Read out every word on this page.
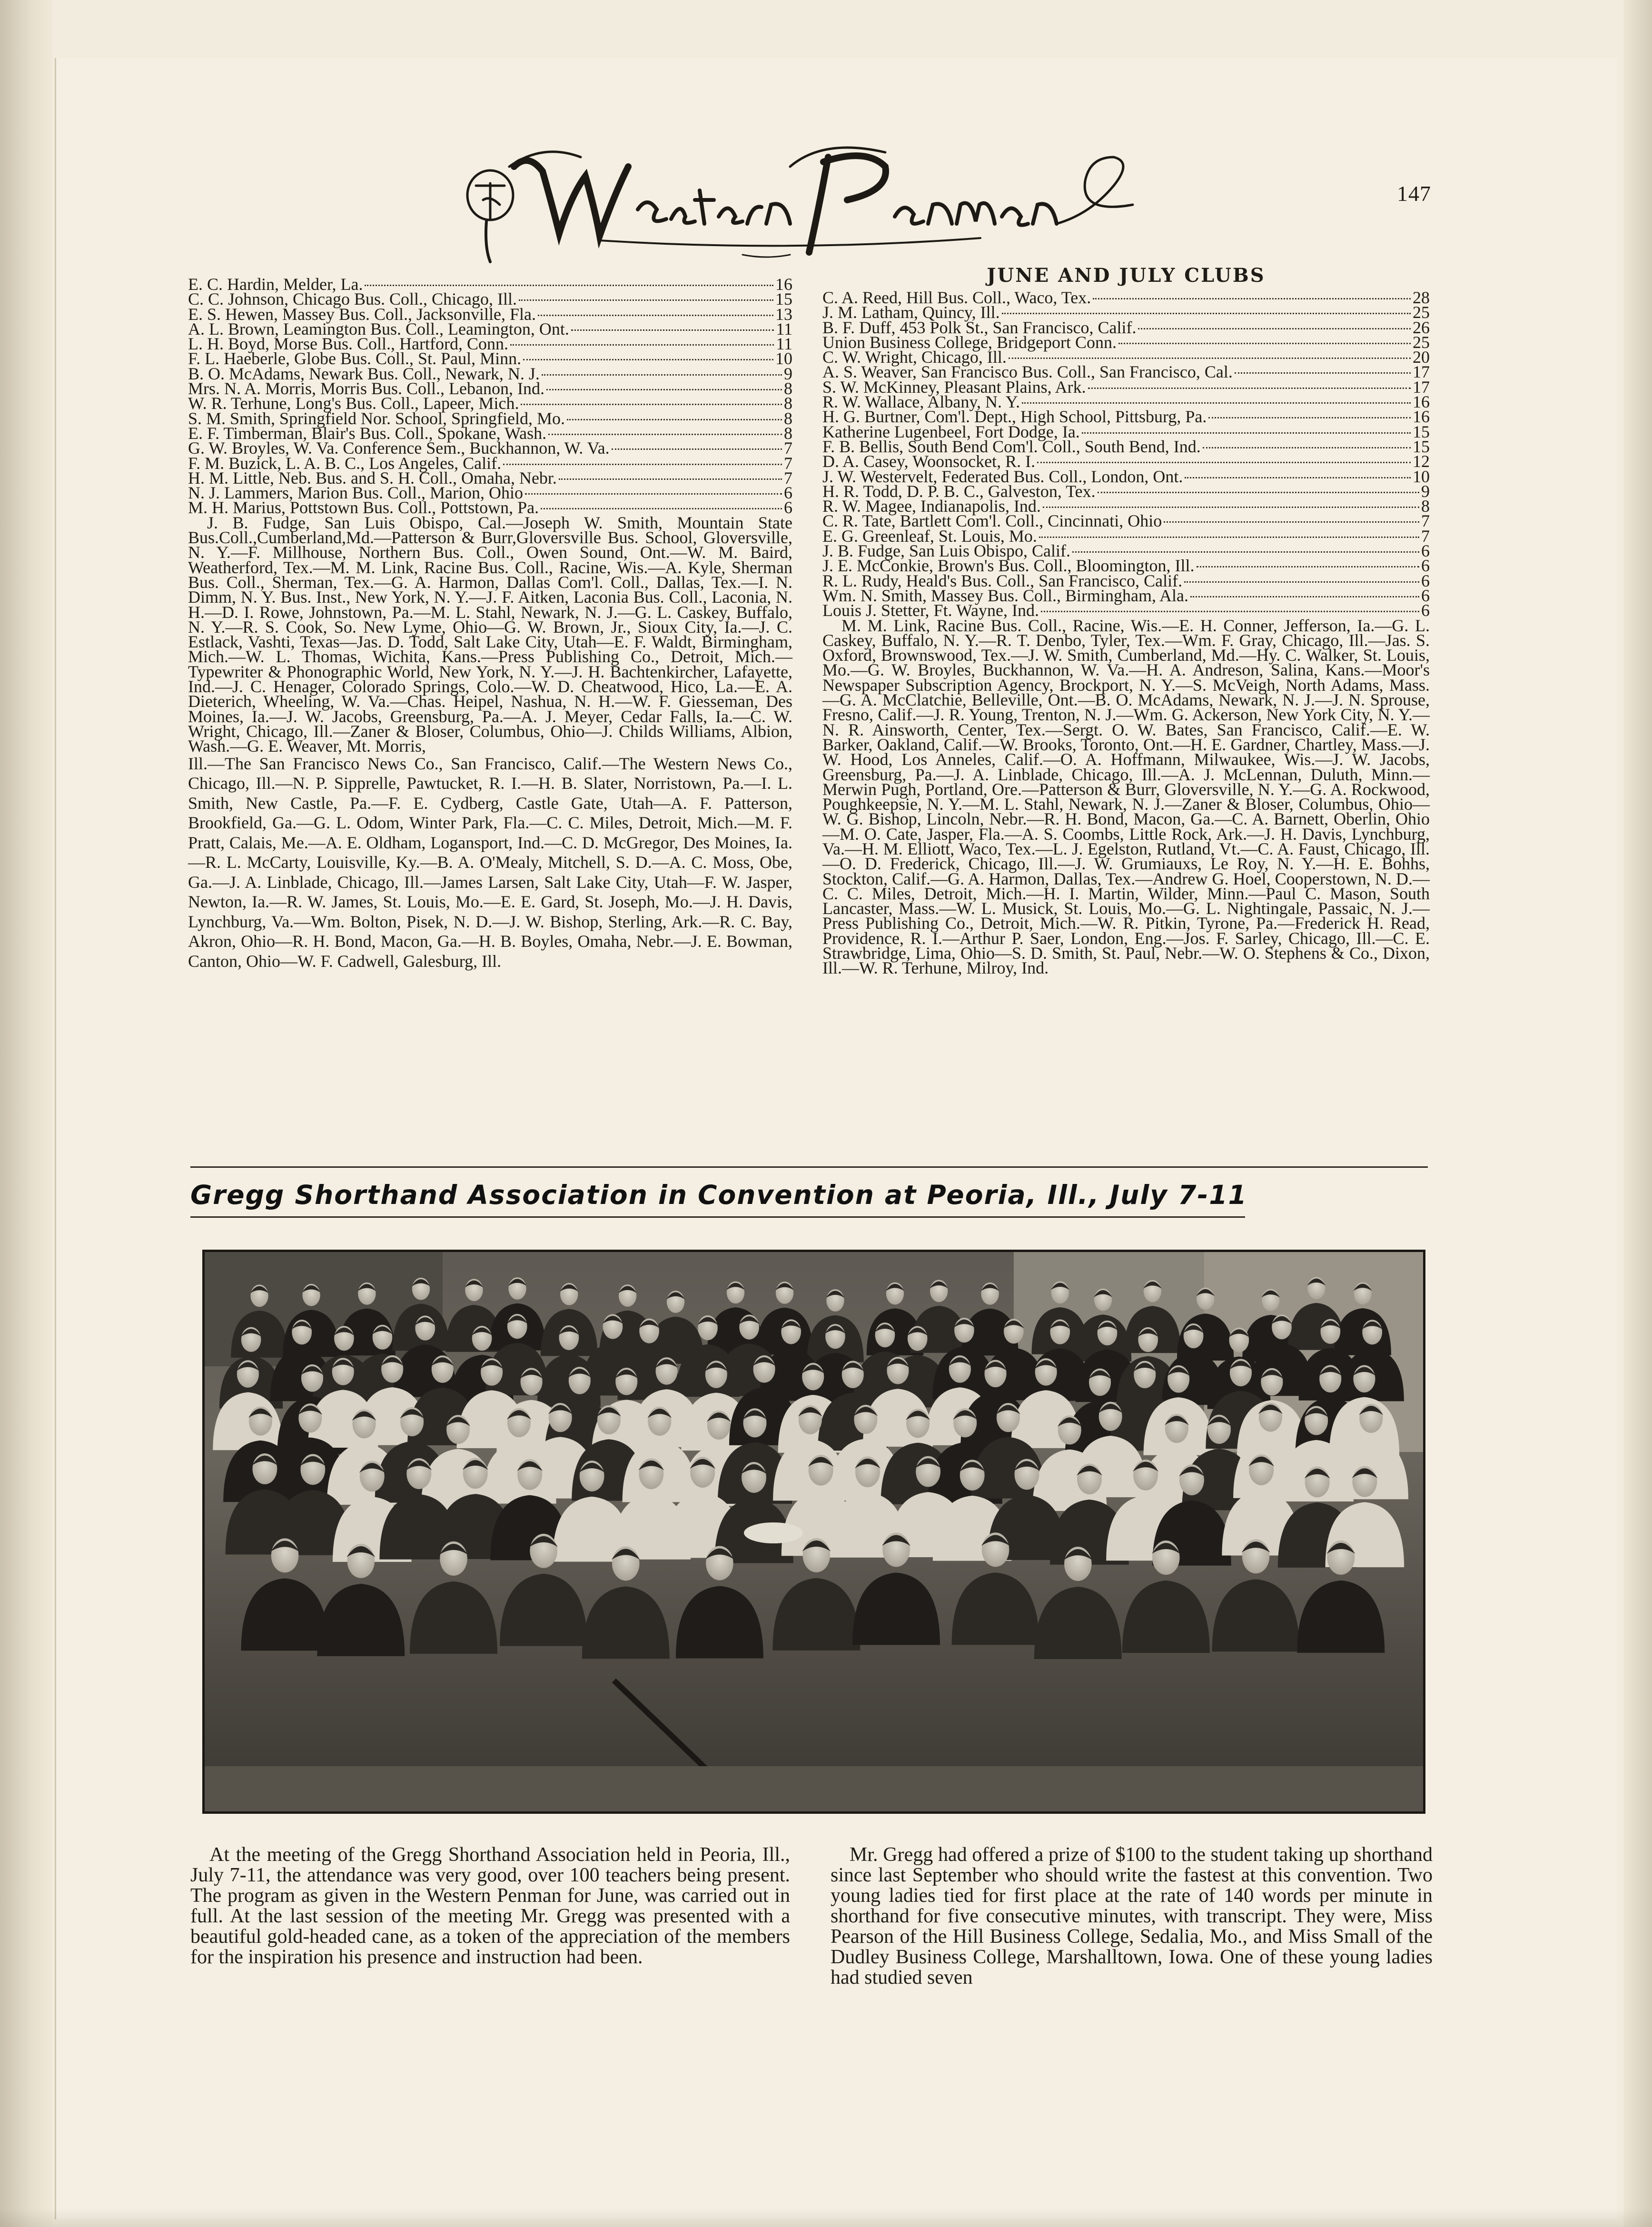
147
E. C. Hardin, Melder, La.	16
C. C. Johnson, Chicago Bus. Coll., Chicago, Ill.	15
E. S. Hewen, Massey Bus. Coll., Jacksonville, Fla.	13
A. L. Brown, Leamington Bus. Coll., Leamington, Ont.	11
L. H. Boyd, Morse Bus. Coll., Hartford, Conn.	11
F. L. Haeberle, Globe Bus. Coll., St. Paul, Minn.	10
B. O. McAdams, Newark Bus. Coll., Newark, N. J.	9
Mrs. N. A. Morris, Morris Bus. Coll., Lebanon, Ind.	8
W. R. Terhune, Long's Bus. Coll., Lapeer, Mich.	8
S. M. Smith, Springfield Nor. School, Springfield, Mo.	8
E. F. Timberman, Blair's Bus. Coll., Spokane, Wash.	8
G. W. Broyles, W. Va. Conference Sem., Buckhannon, W. Va.	7
F. M. Buzick, L. A. B. C., Los Angeles, Calif.	7
H. M. Little, Neb. Bus. and S. H. Coll., Omaha, Nebr.	7
N. J. Lammers, Marion Bus. Coll., Marion, Ohio	6
M. H. Marius, Pottstown Bus. Coll., Pottstown, Pa.	6

J. B. Fudge, San Luis Obispo, Cal.—Joseph W. Smith, Mountain State Bus.Coll.,Cumberland,Md.—Patterson & Burr,Gloversville Bus. School, Gloversville, N. Y.—F. Millhouse, Northern Bus. Coll., Owen Sound, Ont.—W. M. Baird, Weatherford, Tex.—M. M. Link, Racine Bus. Coll., Racine, Wis.—A. Kyle, Sherman Bus. Coll., Sherman, Tex.—G. A. Harmon, Dallas Com'l. Coll., Dallas, Tex.—I. N. Dimm, N. Y. Bus. Inst., New York, N. Y.—J. F. Aitken, Laconia Bus. Coll., Laconia, N. H.—D. I. Rowe, Johnstown, Pa.—M. L. Stahl, Newark, N. J.—G. L. Caskey, Buffalo, N. Y.—R. S. Cook, So. New Lyme, Ohio—G. W. Brown, Jr., Sioux City, Ia.—J. C. Estlack, Vashti, Texas—Jas. D. Todd, Salt Lake City, Utah—E. F. Waldt, Birmingham, Mich.—W. L. Thomas, Wichita, Kans.—Press Publishing Co., Detroit, Mich.—Typewriter & Phonographic World, New York, N. Y.—J. H. Bachtenkircher, Lafayette, Ind.—J. C. Henager, Colorado Springs, Colo.—W. D. Cheatwood, Hico, La.—E. A. Dieterich, Wheeling, W. Va.—Chas. Heipel, Nashua, N. H.—W. F. Giesseman, Des Moines, Ia.—J. W. Jacobs, Greensburg, Pa.—A. J. Meyer, Cedar Falls, Ia.—C. W. Wright, Chicago, Ill.—Zaner & Bloser, Columbus, Ohio—J. Childs Williams, Albion, Wash.—G. E. Weaver, Mt. Morris,

Ill.—The San Francisco News Co., San Francisco, Calif.—The Western News Co., Chicago, Ill.—N. P. Sipprelle, Pawtucket, R. I.—H. B. Slater, Norristown, Pa.—I. L. Smith, New Castle, Pa.—F. E. Cydberg, Castle Gate, Utah—A. F. Patterson, Brookfield, Ga.—G. L. Odom, Winter Park, Fla.—C. C. Miles, Detroit, Mich.—M. F. Pratt, Calais, Me.—A. E. Oldham, Logansport, Ind.—C. D. McGregor, Des Moines, Ia.—R. L. McCarty, Louisville, Ky.—B. A. O'Mealy, Mitchell, S. D.—A. C. Moss, Obe, Ga.—J. A. Linblade, Chicago, Ill.—James Larsen, Salt Lake City, Utah—F. W. Jasper, Newton, Ia.—R. W. James, St. Louis, Mo.—E. E. Gard, St. Joseph, Mo.—J. H. Davis, Lynchburg, Va.—Wm. Bolton, Pisek, N. D.—J. W. Bishop, Sterling, Ark.—R. C. Bay, Akron, Ohio—R. H. Bond, Macon, Ga.—H. B. Boyles, Omaha, Nebr.—J. E. Bowman, Canton, Ohio—W. F. Cadwell, Galesburg, Ill.

JUNE AND JULY CLUBS
C. A. Reed, Hill Bus. Coll., Waco, Tex.	28
J. M. Latham, Quincy, Ill.	25
B. F. Duff, 453 Polk St., San Francisco, Calif.	26
Union Business College, Bridgeport Conn.	25
C. W. Wright, Chicago, Ill.	20
A. S. Weaver, San Francisco Bus. Coll., San Francisco, Cal.	17
S. W. McKinney, Pleasant Plains, Ark.	17
R. W. Wallace, Albany, N. Y.	16
H. G. Burtner, Com'l. Dept., High School, Pittsburg, Pa.	16
Katherine Lugenbeel, Fort Dodge, Ia.	15
F. B. Bellis, South Bend Com'l. Coll., South Bend, Ind.	15
D. A. Casey, Woonsocket, R. I.	12
J. W. Westervelt, Federated Bus. Coll., London, Ont.	10
H. R. Todd, D. P. B. C., Galveston, Tex.	9
R. W. Magee, Indianapolis, Ind.	8
C. R. Tate, Bartlett Com'l. Coll., Cincinnati, Ohio	7
E. G. Greenleaf, St. Louis, Mo.	7
J. B. Fudge, San Luis Obispo, Calif.	6
J. E. McConkie, Brown's Bus. Coll., Bloomington, Ill.	6
R. L. Rudy, Heald's Bus. Coll., San Francisco, Calif.	6
Wm. N. Smith, Massey Bus. Coll., Birmingham, Ala.	6
Louis J. Stetter, Ft. Wayne, Ind.	6

M. M. Link, Racine Bus. Coll., Racine, Wis.—E. H. Conner, Jefferson, Ia.—G. L. Caskey, Buffalo, N. Y.—R. T. Denbo, Tyler, Tex.—Wm. F. Gray, Chicago, Ill.—Jas. S. Oxford, Brownswood, Tex.—J. W. Smith, Cumberland, Md.—Hy. C. Walker, St. Louis, Mo.—G. W. Broyles, Buckhannon, W. Va.—H. A. Andreson, Salina, Kans.—Moor's Newspaper Subscription Agency, Brockport, N. Y.—S. McVeigh, North Adams, Mass.—G. A. McClatchie, Belleville, Ont.—B. O. McAdams, Newark, N. J.—J. N. Sprouse, Fresno, Calif.—J. R. Young, Trenton, N. J.—Wm. G. Ackerson, New York City, N. Y.—N. R. Ainsworth, Center, Tex.—Sergt. O. W. Bates, San Francisco, Calif.—E. W. Barker, Oakland, Calif.—W. Brooks, Toronto, Ont.—H. E. Gardner, Chartley, Mass.—J. W. Hood, Los Anneles, Calif.—O. A. Hoffmann, Milwaukee, Wis.—J. W. Jacobs, Greensburg, Pa.—J. A. Linblade, Chicago, Ill.—A. J. McLennan, Duluth, Minn.—Merwin Pugh, Portland, Ore.—Patterson & Burr, Gloversville, N. Y.—G. A. Rockwood, Poughkeepsie, N. Y.—M. L. Stahl, Newark, N. J.—Zaner & Bloser, Columbus, Ohio—W. G. Bishop, Lincoln, Nebr.—R. H. Bond, Macon, Ga.—C. A. Barnett, Oberlin, Ohio—M. O. Cate, Jasper, Fla.—A. S. Coombs, Little Rock, Ark.—J. H. Davis, Lynchburg, Va.—H. M. Elliott, Waco, Tex.—L. J. Egelston, Rutland, Vt.—C. A. Faust, Chicago, Ill.—O. D. Frederick, Chicago, Ill.—J. W. Grumiauxs, Le Roy, N. Y.—H. E. Bohhs, Stockton, Calif.—G. A. Harmon, Dallas, Tex.—Andrew G. Hoel, Cooperstown, N. D.—C. C. Miles, Detroit, Mich.—H. I. Martin, Wilder, Minn.—Paul C. Mason, South Lancaster, Mass.—W. L. Musick, St. Louis, Mo.—G. L. Nightingale, Passaic, N. J.—Press Publishing Co., Detroit, Mich.—W. R. Pitkin, Tyrone, Pa.—Frederick H. Read, Providence, R. I.—Arthur P. Saer, London, Eng.—Jos. F. Sarley, Chicago, Ill.—C. E. Strawbridge, Lima, Ohio—S. D. Smith, St. Paul, Nebr.—W. O. Stephens & Co., Dixon, Ill.—W. R. Terhune, Milroy, Ind.

Gregg Shorthand Association in Convention at Peoria, Ill., July 7-11

At the meeting of the Gregg Shorthand Association held in Peoria, Ill., July 7-11, the attendance was very good, over 100 teachers being present. The program as given in the Western Penman for June, was carried out in full. At the last session of the meeting Mr. Gregg was presented with a beautiful gold-headed cane, as a token of the appreciation of the members for the inspiration his presence and instruction had been.

Mr. Gregg had offered a prize of $100 to the student taking up shorthand since last September who should write the fastest at this convention. Two young ladies tied for first place at the rate of 140 words per minute in shorthand for five consecutive minutes, with transcript. They were, Miss Pearson of the Hill Business College, Sedalia, Mo., and Miss Small of the Dudley Business College, Marshalltown, Iowa. One of these young ladies had studied seven
